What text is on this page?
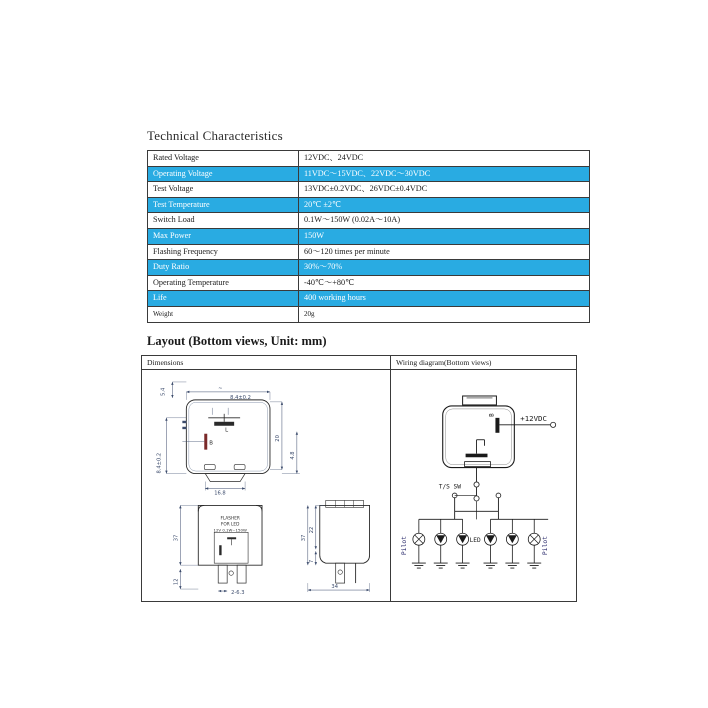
Technical Characteristics
Rated Voltage	12VDC、24VDC
Operating Voltage	11VDC～15VDC、22VDC～30VDC
Test Voltage	13VDC±0.2VDC、26VDC±0.4VDC
Test Temperature	20℃ ±2℃
Switch Load	0.1W～150W (0.02A～10A)
Max Power	150W
Flashing Frequency	60～120 times per minute
Duty Ratio	30%～70%
Operating Temperature	-40℃～+80℃
Life	400 working hours
Weight	20g
Layout (Bottom views, Unit: mm)
Dimensions
L
B
8.4±0.2
~
5.4
8.4±0.2
20
4.8
16.8
FLASHER
FOR LED
12V 0.1W~150W
37
12
2-6.3
37
22
7
34
Wiring diagram(Bottom views)
B	+12VDC
T/S SW
Pilot	LED	Pilot
